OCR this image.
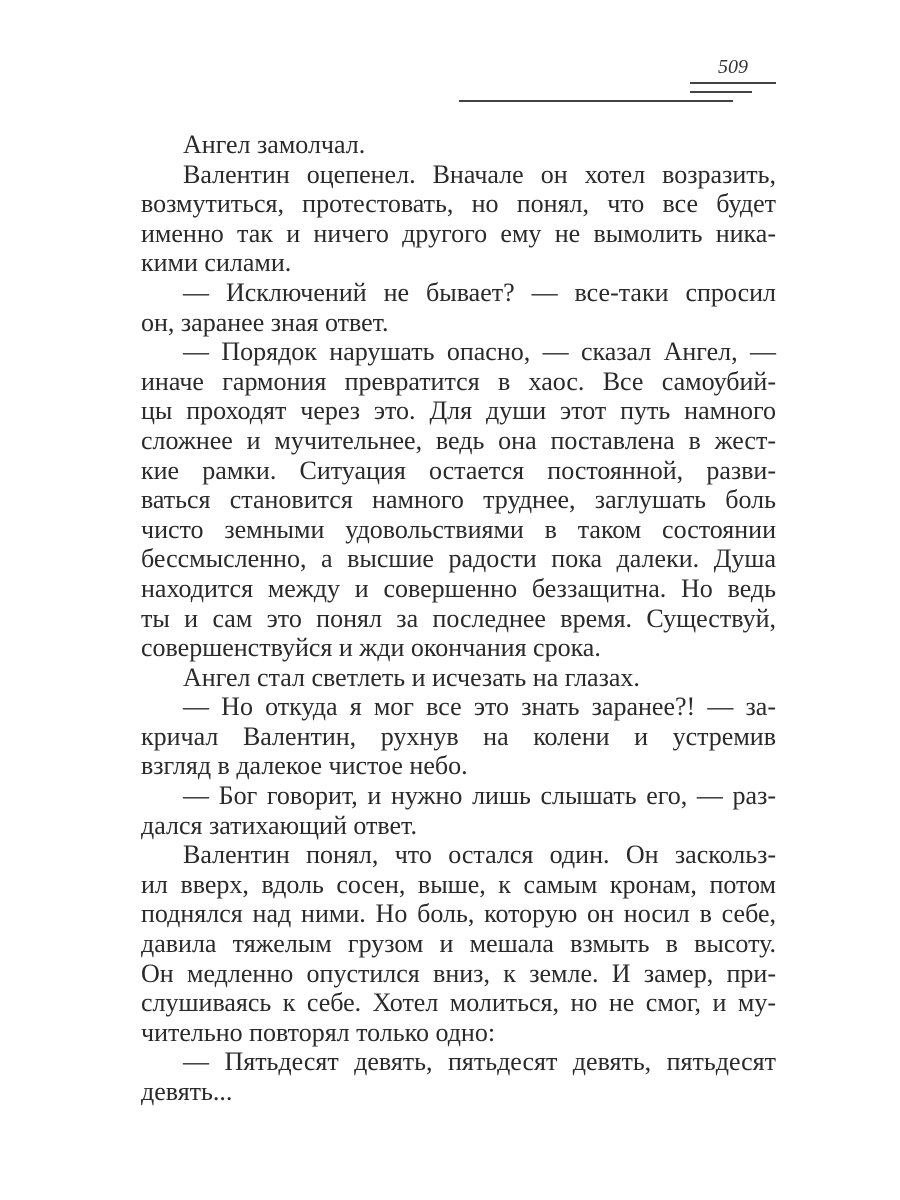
509
Ангел замолчал.
Валентин оцепенел. Вначале он хотел возразить,
возмутиться, протестовать, но понял, что все будет
именно так и ничего другого ему не вымолить ника-
кими силами.
— Исключений не бывает? — все-таки спросил
он, заранее зная ответ.
— Порядок нарушать опасно, — сказал Ангел, —
иначе гармония превратится в хаос. Все самоубий-
цы проходят через это. Для души этот путь намного
сложнее и мучительнее, ведь она поставлена в жест-
кие рамки. Ситуация остается постоянной, разви-
ваться становится намного труднее, заглушать боль
чисто земными удовольствиями в таком состоянии
бессмысленно, а высшие радости пока далеки. Душа
находится между и совершенно беззащитна. Но ведь
ты и сам это понял за последнее время. Существуй,
совершенствуйся и жди окончания срока.
Ангел стал светлеть и исчезать на глазах.
— Но откуда я мог все это знать заранее?! — за-
кричал Валентин, рухнув на колени и устремив
взгляд в далекое чистое небо.
— Бог говорит, и нужно лишь слышать его, — раз-
дался затихающий ответ.
Валентин понял, что остался один. Он заскольз-
ил вверх, вдоль сосен, выше, к самым кронам, потом
поднялся над ними. Но боль, которую он носил в себе,
давила тяжелым грузом и мешала взмыть в высоту.
Он медленно опустился вниз, к земле. И замер, при-
слушиваясь к себе. Хотел молиться, но не смог, и му-
чительно повторял только одно:
— Пятьдесят девять, пятьдесят девять, пятьдесят
девять...
